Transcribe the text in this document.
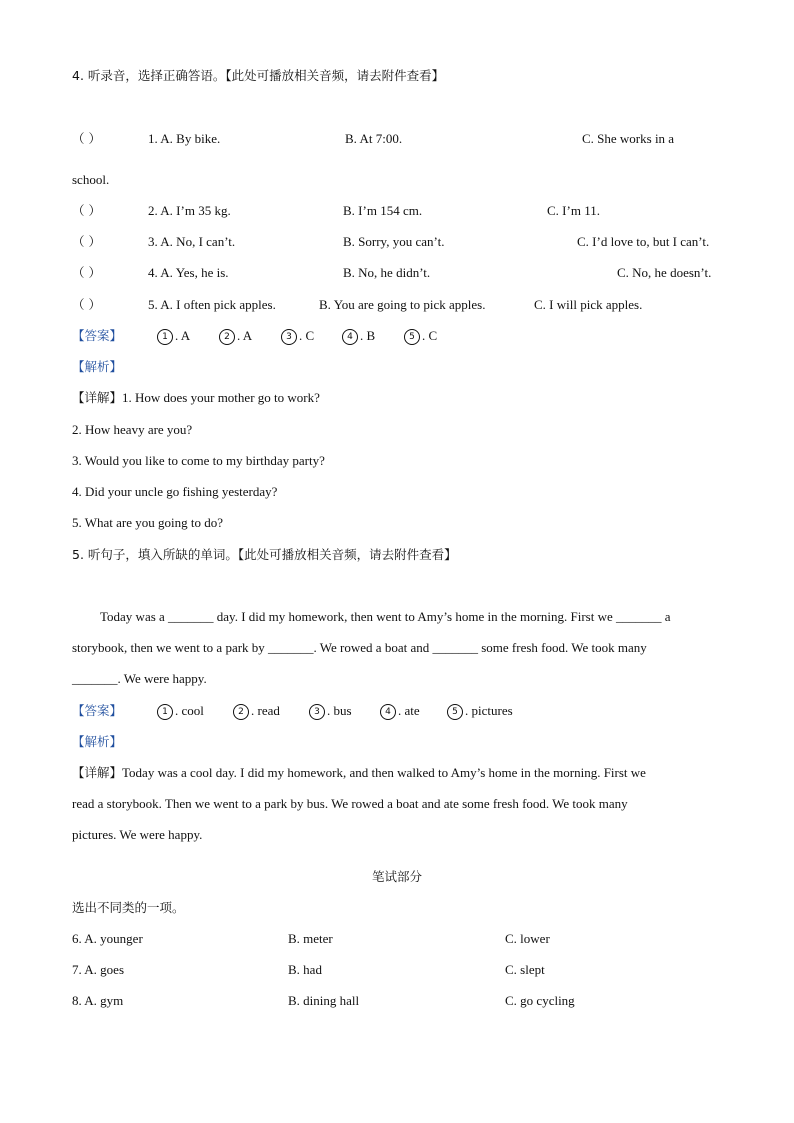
4. 听录音，选择正确答语。【此处可播放相关音频，请去附件查看】
（ ）	1. A. By bike.	B. At 7:00.	C. She works in a
school.
（ ）	2. A. I’m 35 kg.	B. I’m 154 cm.	C. I’m 11.
（ ）	3. A. No, I can’t.	B. Sorry, you can’t.	C. I’d love to, but I can’t.
（ ）	4. A. Yes, he is.	B. No, he didn’t.	C. No, he doesn’t.
（ ）	5. A. I often pick apples.	B. You are going to pick apples.	C. I will pick apples.
【答案】	1 . A	2 . A	3 . C	4 . B	5 . C
【解析】
【详解】1. How does your mother go to work?
2. How heavy are you?
3. Would you like to come to my birthday party?
4. Did your uncle go fishing yesterday?
5. What are you going to do?
5. 听句子，填入所缺的单词。【此处可播放相关音频，请去附件查看】
Today was a _______ day. I did my homework, then went to Amy’s home in the morning. First we _______ a
storybook, then we went to a park by _______. We rowed a boat and _______ some fresh food. We took many
_______. We were happy.
【答案】	1 . cool	2 . read	3 . bus	4 . ate	5 . pictures
【解析】
【详解】Today was a cool day. I did my homework, and then walked to Amy’s home in the morning. First we
read a storybook. Then we went to a park by bus. We rowed a boat and ate some fresh food. We took many
pictures. We were happy.
笔试部分
选出不同类的一项。
6. A. younger	B. meter	C. lower
7. A. goes	B. had	C. slept
8. A. gym	B. dining hall	C. go cycling
